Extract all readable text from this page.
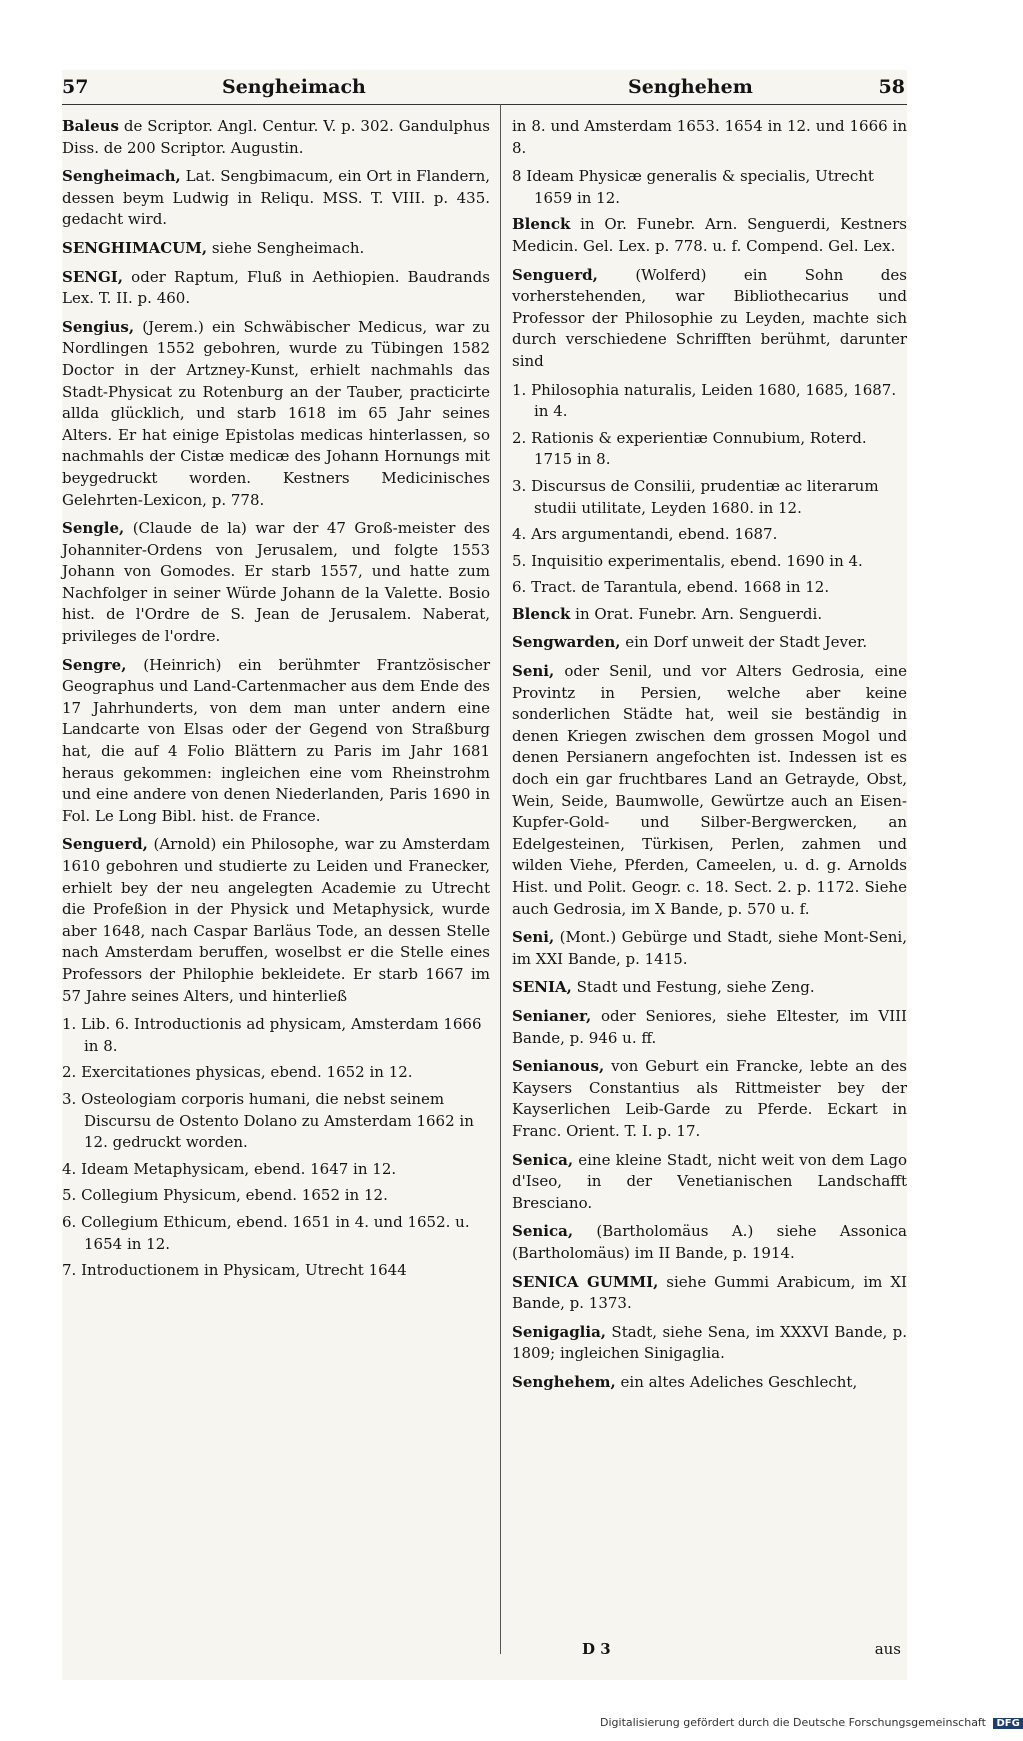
57	Sengheimach	Senghehem	58
Baleus de Scriptor. Angl. Centur. V. p. 302. Gandulphus Diss. de 200 Scriptor. Augustin.
Sengheimach, Lat. Sengbimacum, ein Ort in Flandern, dessen beym Ludwig in Reliqu. MSS. T. VIII. p. 435. gedacht wird.
SENGHIMACUM, siehe Sengheimach.
SENGI, oder Raptum, Fluß in Aethiopien. Baudrands Lex. T. II. p. 460.
Sengius, (Jerem.) ein Schwäbischer Medicus, war zu Nordlingen 1552 gebohren, wurde zu Tübingen 1582 Doctor in der Artzney-Kunst, erhielt nachmahls das Stadt-Physicat zu Rotenburg an der Tauber, practicirte allda glücklich, und starb 1618 im 65 Jahr seines Alters. Er hat einige Epistolas medicas hinterlassen, so nachmahls der Cistæ medicæ des Johann Hornungs mit beygedruckt worden. Kestners Medicinisches Gelehrten-Lexicon, p. 778.
Sengle, (Claude de la) war der 47 Groß-meister des Johanniter-Ordens von Jerusalem, und folgte 1553 Johann von Gomodes. Er starb 1557, und hatte zum Nachfolger in seiner Würde Johann de la Valette. Bosio hist. de l'Ordre de S. Jean de Jerusalem. Naberat, privileges de l'ordre.
Sengre, (Heinrich) ein berühmter Frantzösischer Geographus und Land-Cartenmacher aus dem Ende des 17 Jahrhunderts, von dem man unter andern eine Landcarte von Elsas oder der Gegend von Straßburg hat, die auf 4 Folio Blättern zu Paris im Jahr 1681 heraus gekommen: ingleichen eine vom Rheinstrohm und eine andere von denen Niederlanden, Paris 1690 in Fol. Le Long Bibl. hist. de France.
Senguerd, (Arnold) ein Philosophe, war zu Amsterdam 1610 gebohren und studierte zu Leiden und Franecker, erhielt bey der neu angelegten Academie zu Utrecht die Profeßion in der Physick und Metaphysick, wurde aber 1648, nach Caspar Barläus Tode, an dessen Stelle nach Amsterdam beruffen, woselbst er die Stelle eines Professors der Philophie bekleidete. Er starb 1667 im 57 Jahre seines Alters, und hinterließ
1. Lib. 6. Introductionis ad physicam, Amsterdam 1666 in 8.
2. Exercitationes physicas, ebend. 1652 in 12.
3. Osteologiam corporis humani, die nebst seinem Discursu de Ostento Dolano zu Amsterdam 1662 in 12. gedruckt worden.
4. Ideam Metaphysicam, ebend. 1647 in 12.
5. Collegium Physicum, ebend. 1652 in 12.
6. Collegium Ethicum, ebend. 1651 in 4. und 1652. u. 1654 in 12.
7. Introductionem in Physicam, Utrecht 1644
in 8. und Amsterdam 1653. 1654 in 12. und 1666 in 8.
8 Ideam Physicæ generalis & specialis, Utrecht 1659 in 12.
Blenck in Or. Funebr. Arn. Senguerdi, Kestners Medicin. Gel. Lex. p. 778. u. f. Compend. Gel. Lex.
Senguerd, (Wolferd) ein Sohn des vorherstehenden, war Bibliothecarius und Professor der Philosophie zu Leyden, machte sich durch verschiedene Schrifften berühmt, darunter sind
1. Philosophia naturalis, Leiden 1680, 1685, 1687. in 4.
2. Rationis & experientiæ Connubium, Roterd. 1715 in 8.
3. Discursus de Consilii, prudentiæ ac literarum studii utilitate, Leyden 1680. in 12.
4. Ars argumentandi, ebend. 1687.
5. Inquisitio experimentalis, ebend. 1690 in 4.
6. Tract. de Tarantula, ebend. 1668 in 12.
Blenck in Orat. Funebr. Arn. Senguerdi.
Sengwarden, ein Dorf unweit der Stadt Jever.
Seni, oder Senil, und vor Alters Gedrosia, eine Provintz in Persien, welche aber keine sonderlichen Städte hat, weil sie beständig in denen Kriegen zwischen dem grossen Mogol und denen Persianern angefochten ist. Indessen ist es doch ein gar fruchtbares Land an Getrayde, Obst, Wein, Seide, Baumwolle, Gewürtze auch an Eisen-Kupfer-Gold- und Silber-Bergwercken, an Edelgesteinen, Türkisen, Perlen, zahmen und wilden Viehe, Pferden, Cameelen, u. d. g. Arnolds Hist. und Polit. Geogr. c. 18. Sect. 2. p. 1172. Siehe auch Gedrosia, im X Bande, p. 570 u. f.
Seni, (Mont.) Gebürge und Stadt, siehe Mont-Seni, im XXI Bande, p. 1415.
SENIA, Stadt und Festung, siehe Zeng.
Senianer, oder Seniores, siehe Eltester, im VIII Bande, p. 946 u. ff.
Senianous, von Geburt ein Francke, lebte an des Kaysers Constantius als Rittmeister bey der Kayserlichen Leib-Garde zu Pferde. Eckart in Franc. Orient. T. I. p. 17.
Senica, eine kleine Stadt, nicht weit von dem Lago d'Iseo, in der Venetianischen Landschafft Bresciano.
Senica, (Bartholomäus A.) siehe Assonica (Bartholomäus) im II Bande, p. 1914.
SENICA GUMMI, siehe Gummi Arabicum, im XI Bande, p. 1373.
Senigaglia, Stadt, siehe Sena, im XXXVI Bande, p. 1809; ingleichen Sinigaglia.
Senghehem, ein altes Adeliches Geschlecht,
D 3	aus
Digitalisierung gefördert durch die Deutsche Forschungsgemeinschaft DFG
